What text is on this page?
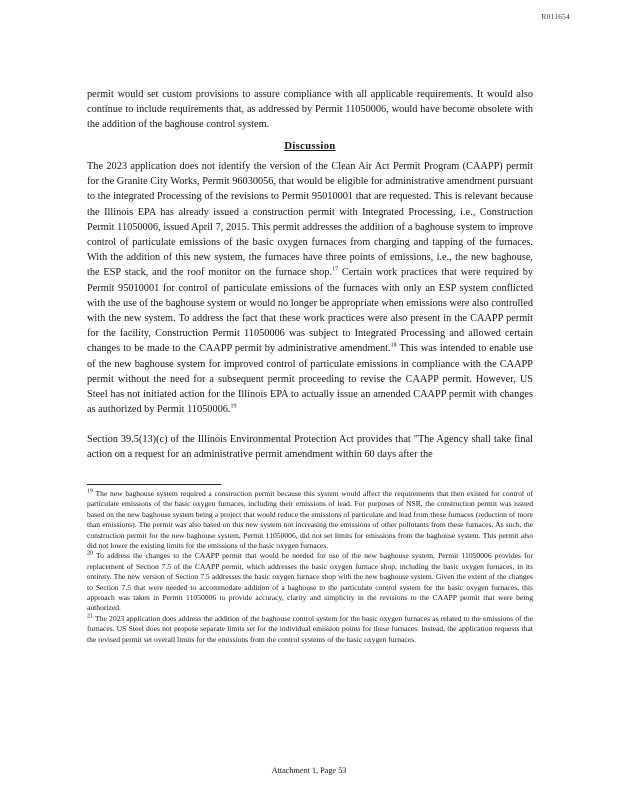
R011654

permit would set custom provisions to assure compliance with all applicable requirements. It would also continue to include requirements that, as addressed by Permit 11050006, would have become obsolete with the addition of the baghouse control system.

Discussion

The 2023 application does not identify the version of the Clean Air Act Permit Program (CAAPP) permit for the Granite City Works, Permit 96030056, that would be eligible for administrative amendment pursuant to the integrated Processing of the revisions to Permit 95010001 that are requested. This is relevant because the Illinois EPA has already issued a construction permit with Integrated Processing, i.e., Construction Permit 11050006, issued April 7, 2015. This permit addresses the addition of a baghouse system to improve control of particulate emissions of the basic oxygen furnaces from charging and tapping of the furnaces. With the addition of this new system, the furnaces have three points of emissions, i.e., the new baghouse, the ESP stack, and the roof monitor on the furnace shop.$^{17}$ Certain work practices that were required by Permit 95010001 for control of particulate emissions of the furnaces with only an ESP system conflicted with the use of the baghouse system or would no longer be appropriate when emissions were also controlled with the new system. To address the fact that these work practices were also present in the CAAPP permit for the facility, Construction Permit 11050006 was subject to Integrated Processing and allowed certain changes to be made to the CAAPP permit by administrative amendment.$^{18}$ This was intended to enable use of the new baghouse system for improved control of particulate emissions in compliance with the CAAPP permit without the need for a subsequent permit proceeding to revise the CAAPP permit. However, US Steel has not initiated action for the Illinois EPA to actually issue an amended CAAPP permit with changes as authorized by Permit 11050006.19

Section 39.5(13)(c) of the Illinois Environmental Protection Act provides that "The Agency shall take final action on a request for an administrative permit amendment within 60 days after the

$^{19}$ The new baghouse system required a construction permit because this system would affect the requirements that then existed for control of particulate emissions of the basic oxygen furnaces, including their emissions of lead. For purposes of NSR, the construction permit was issued based on the new baghouse system being a project that would reduce the emissions of particulate and lead from these furnaces (reduction of more than emissions). The permit was also based on this new system not increasing the emissions of other pollutants from these furnaces. As such, the construction permit for the new baghouse system, Permit 11050006, did not set limits for emissions from the baghouse system. This permit also did not lower the existing limits for the emissions of the basic oxygen furnaces.

$^{20}$ To address the changes to the CAAPP permit that would be needed for use of the new baghouse system, Permit 11050006 provides for replacement of Section 7.5 of the CAAPP permit, which addresses the basic oxygen furnace shop, including the basic oxygen furnaces, in its entirety. The new version of Section 7.5 addresses the basic oxygen furnace shop with the new baghouse system. Given the extent of the changes to Section 7.5 that were needed to accommodate addition of a baghouse to the particulate control system for the basic oxygen furnaces, this approach was taken in Permit 11050006 to provide accuracy, clarity and simplicity in the revisions to the CAAPP permit that were being authorized.

$^{21}$ The 2023 application does address the addition of the baghouse control system for the basic oxygen furnaces as related to the emissions of the furnaces. US Steel does not propose separate limits set for the individual emission points for these furnaces. Instead, the application requests that the revised permit set overall limits for the emissions from the control systems of the basic oxygen furnaces.

Attachment 1, Page 53
